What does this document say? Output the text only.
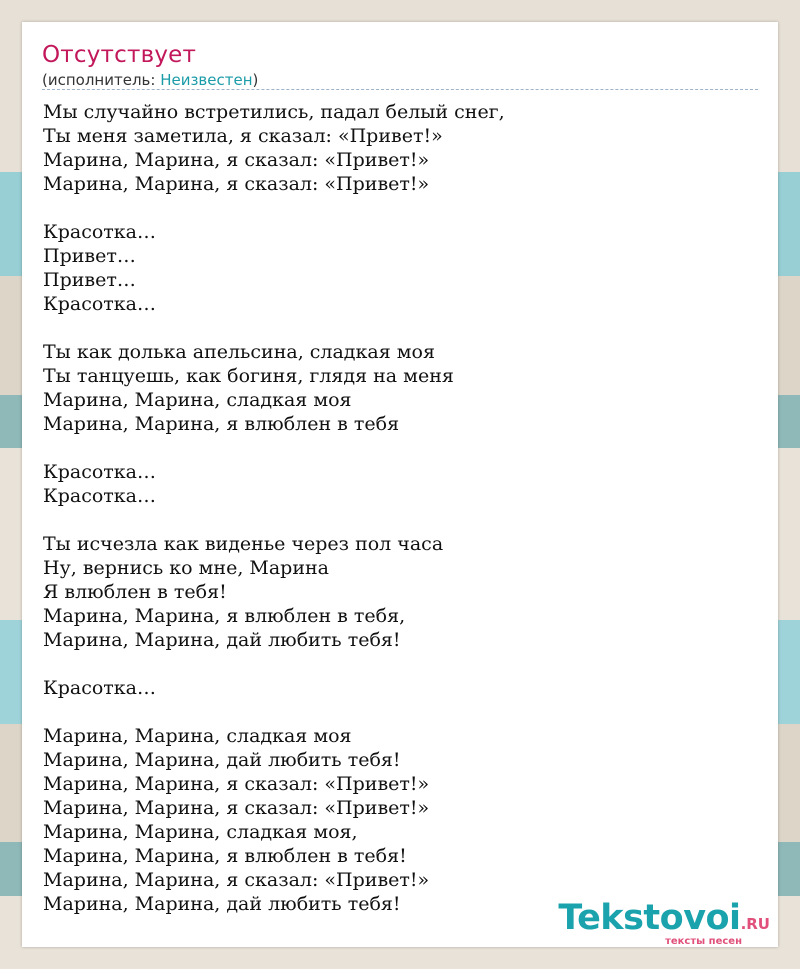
Отсутствует
(исполнитель: Неизвестен)
Мы случайно встретились, падал белый снег,
Ты меня заметила, я сказал: «Привет!»
Марина, Марина, я сказал: «Привет!»
Марина, Марина, я сказал: «Привет!»
Красотка…
Привет…
Привет…
Красотка…
Ты как долька апельсина, сладкая моя
Ты танцуешь, как богиня, глядя на меня
Марина, Марина, сладкая моя
Марина, Марина, я влюблен в тебя
Красотка…
Красотка…
Ты исчезла как виденье через пол часа
Ну, вернись ко мне, Марина
Я влюблен в тебя!
Марина, Марина, я влюблен в тебя,
Марина, Марина, дай любить тебя!
Красотка…
Марина, Марина, сладкая моя
Марина, Марина, дай любить тебя!
Марина, Марина, я сказал: «Привет!»
Марина, Марина, я сказал: «Привет!»
Марина, Марина, сладкая моя,
Марина, Марина, я влюблен в тебя!
Марина, Марина, я сказал: «Привет!»
Марина, Марина, дай любить тебя!	Tekstovoi.RU
тексты песен
